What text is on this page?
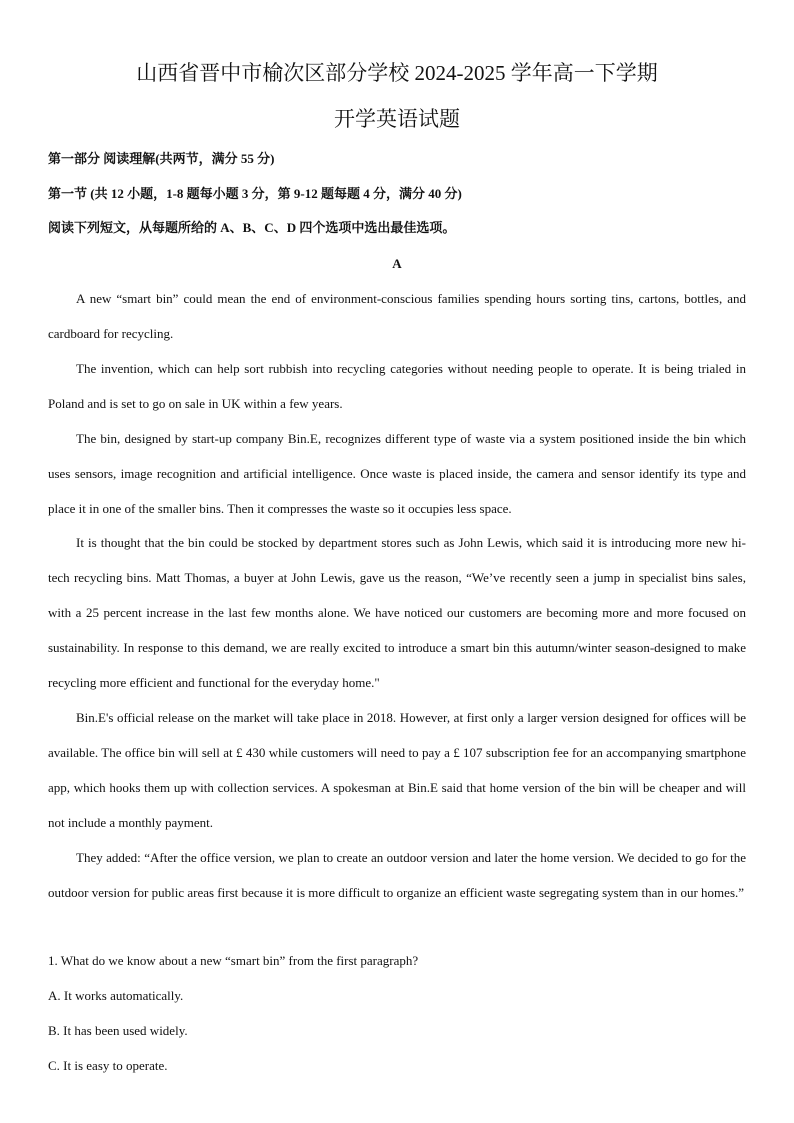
山西省晋中市榆次区部分学校 2024-2025 学年高一下学期
开学英语试题

第一部分 阅读理解(共两节，满分 55 分)

第一节 (共 12 小题，1-8 题每小题 3 分，第 9-12 题每题 4 分，满分 40 分)

阅读下列短文，从每题所给的 A、B、C、D 四个选项中选出最佳选项。

A

A new “smart bin” could mean the end of environment-conscious families spending hours sorting tins, cartons, bottles, and cardboard for recycling.

The invention, which can help sort rubbish into recycling categories without needing people to operate. It is being trialed in Poland and is set to go on sale in UK within a few years.

The bin, designed by start-up company Bin.E, recognizes different type of waste via a system positioned inside the bin which uses sensors, image recognition and artificial intelligence. Once waste is placed inside, the camera and sensor identify its type and place it in one of the smaller bins. Then it compresses the waste so it occupies less space.

It is thought that the bin could be stocked by department stores such as John Lewis, which said it is introducing more new hi-tech recycling bins. Matt Thomas, a buyer at John Lewis, gave us the reason, “We’ve recently seen a jump in specialist bins sales, with a 25 percent increase in the last few months alone. We have noticed our customers are becoming more and more focused on sustainability. In response to this demand, we are really excited to introduce a smart bin this autumn/winter season-designed to make recycling more efficient and functional for the everyday home."

Bin.E's official release on the market will take place in 2018. However, at first only a larger version designed for offices will be available. The office bin will sell at £ 430 while customers will need to pay a £ 107 subscription fee for an accompanying smartphone app, which hooks them up with collection services. A spokesman at Bin.E said that home version of the bin will be cheaper and will not include a monthly payment.

They added: “After the office version, we plan to create an outdoor version and later the home version. We decided to go for the outdoor version for public areas first because it is more difficult to organize an efficient waste segregating system than in our homes.”

1. What do we know about a new “smart bin” from the first paragraph?

A. It works automatically.

B. It has been used widely.

C. It is easy to operate.
